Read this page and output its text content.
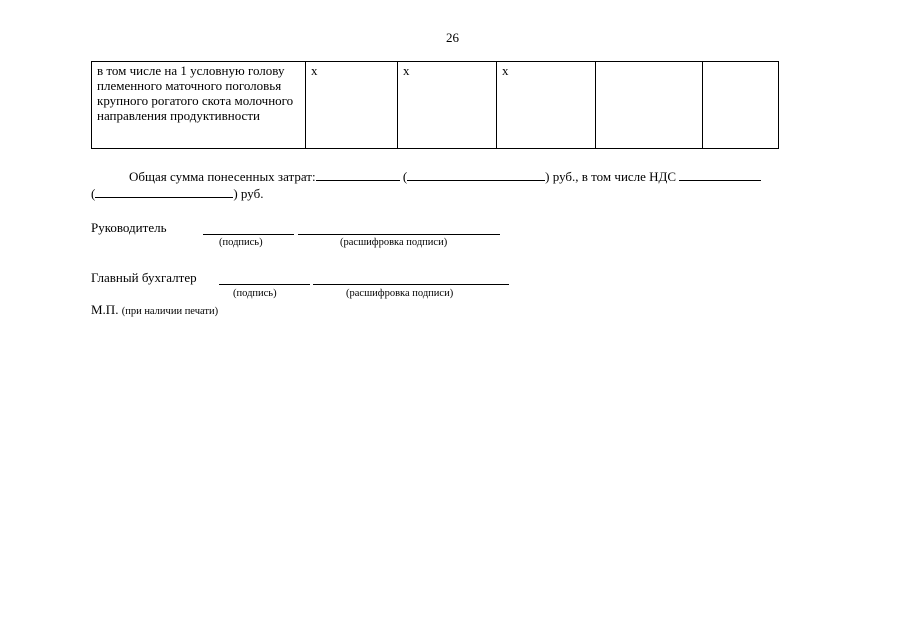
26
в том числе на 1 условную голову племенного маточного поголовья крупного рогатого скота молочного направления продуктивности	х	х	х		
Общая сумма понесенных затрат:	(	) руб., в том числе НДС
(	) руб.
Руководитель
(подпись)	(расшифровка подписи)
Главный бухгалтер
(подпись)	(расшифровка подписи)
М.П. (при наличии печати)
